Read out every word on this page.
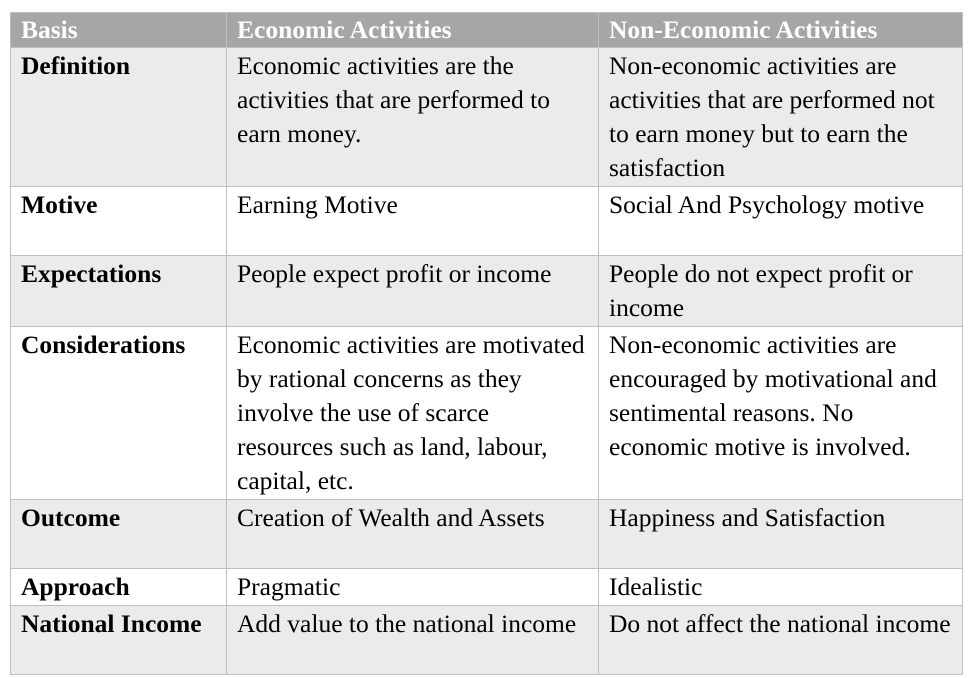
Basis	Economic Activities	Non-Economic Activities
Definition	Economic activities are the activities that are performed to earn money.	Non-economic activities are activities that are performed not to earn money but to earn the satisfaction
Motive	Earning Motive	Social And Psychology motive
Expectations	People expect profit or income	People do not expect profit or income
Considerations	Economic activities are motivated by rational concerns as they involve the use of scarce resources such as land, labour, capital, etc.	Non-economic activities are encouraged by motivational and sentimental reasons. No economic motive is involved.
Outcome	Creation of Wealth and Assets	Happiness and Satisfaction
Approach	Pragmatic	Idealistic
National Income	Add value to the national income	Do not affect the national income
